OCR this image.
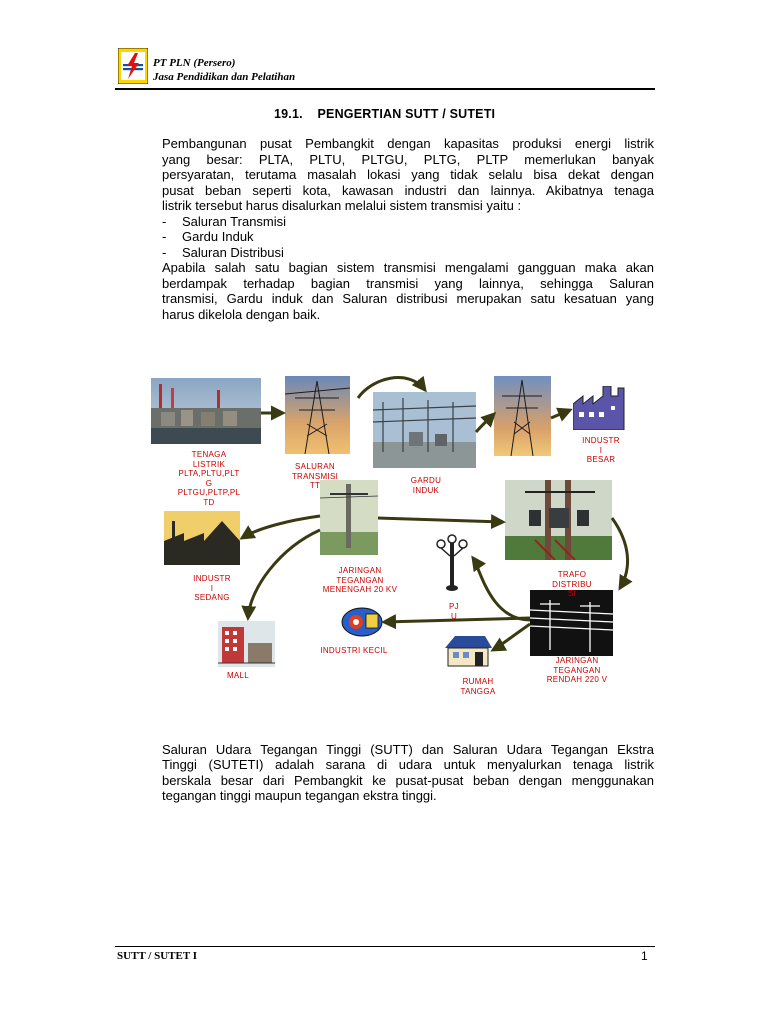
PT PLN (Persero)
Jasa Pendidikan dan Pelatihan
19.1.    PENGERTIAN SUTT / SUTETI
Pembangunan pusat Pembangkit dengan kapasitas produksi energi listrik
yang besar: PLTA, PLTU, PLTGU, PLTG, PLTP memerlukan banyak
persyaratan, terutama masalah lokasi yang tidak selalu bisa dekat dengan
pusat beban seperti kota, kawasan industri dan lainnya. Akibatnya tenaga
listrik tersebut harus disalurkan melalui sistem transmisi yaitu :
- Saluran Transmisi
- Gardu Induk
- Saluran Distribusi
Apabila salah satu bagian sistem transmisi mengalami gangguan maka akan
berdampak terhadap bagian transmisi yang lainnya, sehingga Saluran
transmisi, Gardu induk dan Saluran distribusi merupakan satu kesatuan yang
harus dikelola dengan baik.
TENAGA
LISTRIK
PLTA,PLTU,PLT
G
PLTGU,PLTP,PL
TD
SALURAN
TRANSMISI
TT
GARDU
INDUK
INDUSTR
I
BESAR
INDUSTR
I
SEDANG
JARINGAN
TEGANGAN
MENENGAH 20 KV
TRAFO
DISTRIBU
SI
PJ
U
INDUSTRI KECIL
MALL
RUMAH
TANGGA
JARINGAN
TEGANGAN
RENDAH 220 V
Saluran Udara Tegangan Tinggi (SUTT) dan Saluran Udara Tegangan Ekstra
Tinggi (SUTETI) adalah sarana di udara untuk menyalurkan tenaga listrik
berskala besar dari Pembangkit ke pusat-pusat beban dengan menggunakan
tegangan tinggi maupun tegangan ekstra tinggi.
SUTT / SUTET I	1
